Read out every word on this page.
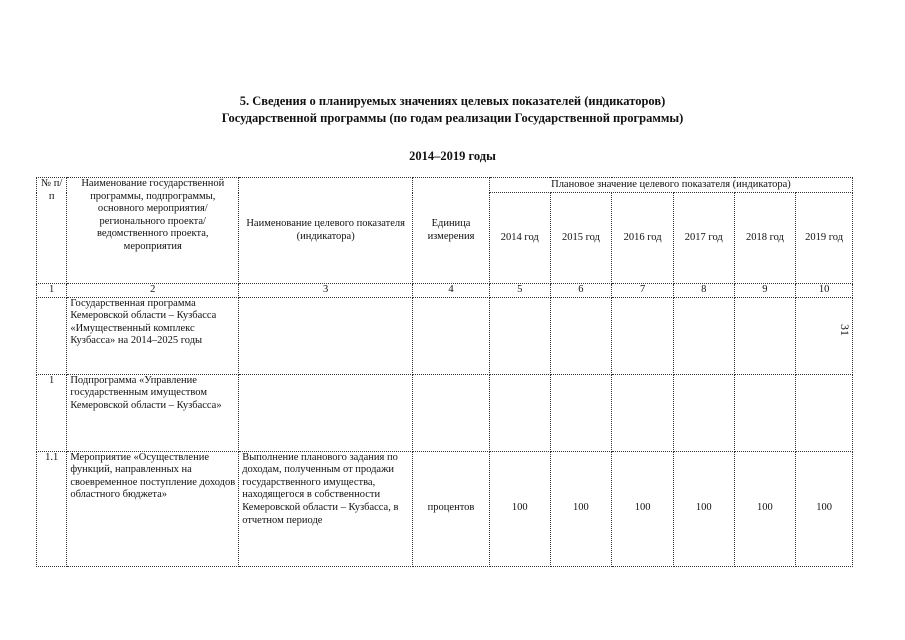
5. Сведения о планируемых значениях целевых показателей (индикаторов)
Государственной программы (по годам реализации Государственной программы)
2014–2019 годы
31
№ п/п	Наименование государственной программы, подпрограммы, основного мероприятия/ регионального проекта/ ведомственного проекта, мероприятия	Наименование целевого показателя (индикатора)	Единица измерения	Плановое значение целевого показателя (индикатора)					
				2014 год	2015 год	2016 год	2017 год	2018 год	2019 год
1	2	3	4	5	6	7	8	9	10
	Государственная программа Кемеровской области – Кузбасса «Имущественный комплекс Кузбасса» на 2014–2025 годы								
1	Подпрограмма «Управление государственным имуществом Кемеровской области – Кузбасса»								
1.1	Мероприятие «Осуществление функций, направленных на своевременное поступление доходов областного бюджета»	Выполнение планового задания по доходам, полученным от продажи государственного имущества, находящегося в собственности Кемеровской области – Кузбасса, в отчетном периоде	процентов	100	100	100	100	100	100
